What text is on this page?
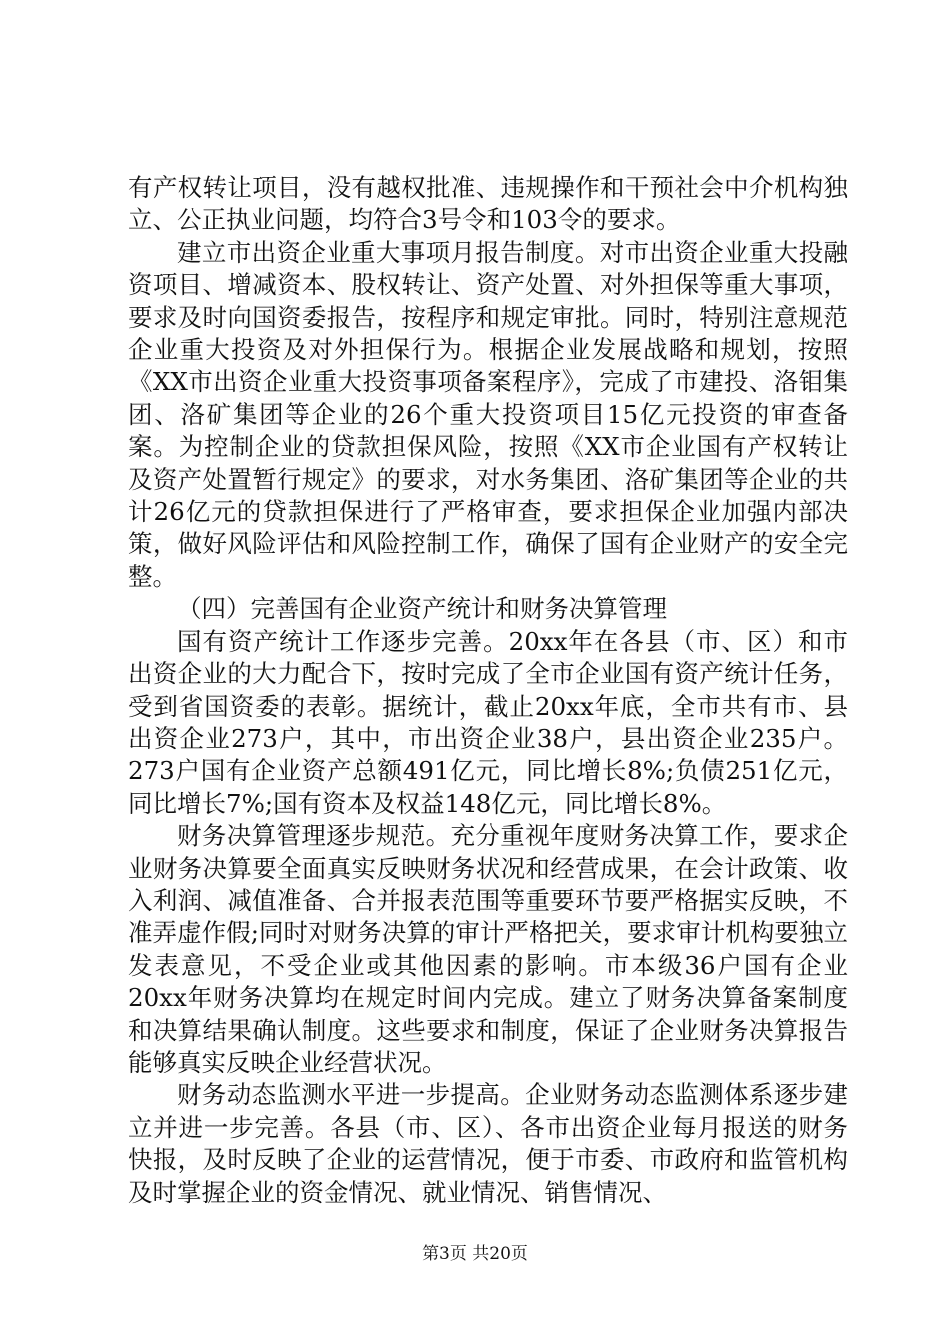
有产权转让项目，没有越权批准、违规操作和干预社会中介机构独立、公正执业问题，均符合3号令和103令的要求。

建立市出资企业重大事项月报告制度。对市出资企业重大投融资项目、增减资本、股权转让、资产处置、对外担保等重大事项，要求及时向国资委报告，按程序和规定审批。同时，特别注意规范企业重大投资及对外担保行为。根据企业发展战略和规划，按照《XX市出资企业重大投资事项备案程序》，完成了市建投、洛钼集团、洛矿集团等企业的26个重大投资项目15亿元投资的审查备案。为控制企业的贷款担保风险，按照《XX市企业国有产权转让及资产处置暂行规定》的要求，对水务集团、洛矿集团等企业的共计26亿元的贷款担保进行了严格审查，要求担保企业加强内部决策，做好风险评估和风险控制工作，确保了国有企业财产的安全完整。

（四）完善国有企业资产统计和财务决算管理

国有资产统计工作逐步完善。20xx年在各县（市、区）和市出资企业的大力配合下，按时完成了全市企业国有资产统计任务，受到省国资委的表彰。据统计，截止20xx年底，全市共有市、县出资企业273户，其中，市出资企业38户，县出资企业235户。273户国有企业资产总额491亿元，同比增长8%;负债251亿元，同比增长7%;国有资本及权益148亿元，同比增长8%。

财务决算管理逐步规范。充分重视年度财务决算工作，要求企业财务决算要全面真实反映财务状况和经营成果，在会计政策、收入利润、减值准备、合并报表范围等重要环节要严格据实反映，不准弄虚作假;同时对财务决算的审计严格把关，要求审计机构要独立发表意见，不受企业或其他因素的影响。市本级36户国有企业20xx年财务决算均在规定时间内完成。建立了财务决算备案制度和决算结果确认制度。这些要求和制度，保证了企业财务决算报告能够真实反映企业经营状况。

财务动态监测水平进一步提高。企业财务动态监测体系逐步建立并进一步完善。各县（市、区）、各市出资企业每月报送的财务快报，及时反映了企业的运营情况，便于市委、市政府和监管机构及时掌握企业的资金情况、就业情况、销售情况、

第3页 共20页
